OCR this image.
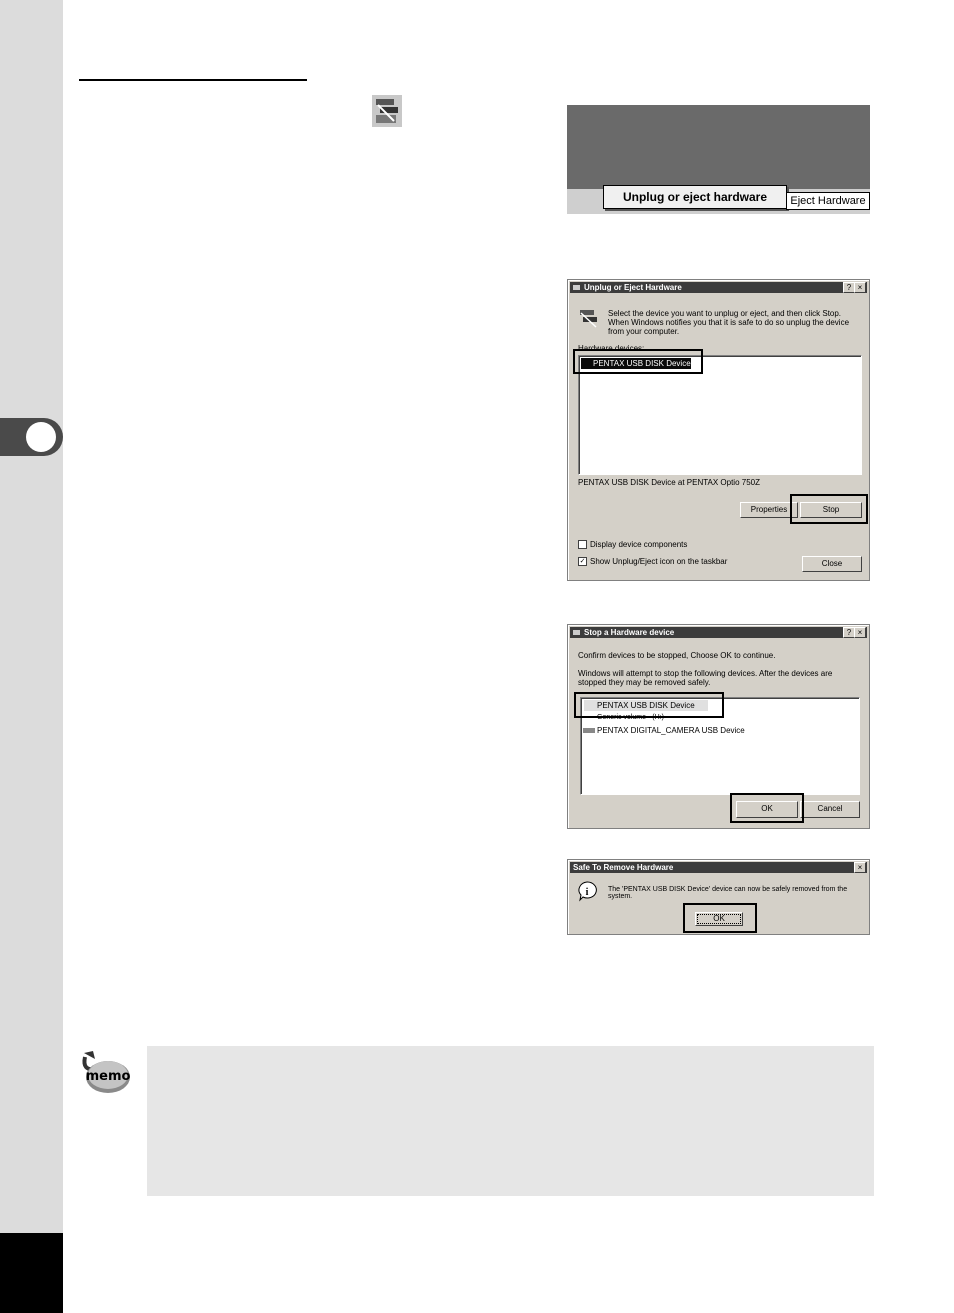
Unplug or eject hardware	Eject Hardware
Unplug or Eject Hardware	? ×
Select the device you want to unplug or eject, and then click Stop. When Windows notifies you that it is safe to do so unplug the device from your computer.
Hardware devices:
PENTAX USB DISK Device
PENTAX USB DISK Device at PENTAX Optio 750Z
Properties	Stop
Display device components
✓ Show Unplug/Eject icon on the taskbar	Close
Stop a Hardware device	? ×
Confirm devices to be stopped, Choose OK to continue.
Windows will attempt to stop the following devices. After the devices are stopped they may be removed safely.
PENTAX USB DISK Device
Generic volume - (H:)
PENTAX DIGITAL_CAMERA USB Device
OK	Cancel
Safe To Remove Hardware	×
i	The 'PENTAX USB DISK Device' device can now be safely removed from the system.
OK
memo
